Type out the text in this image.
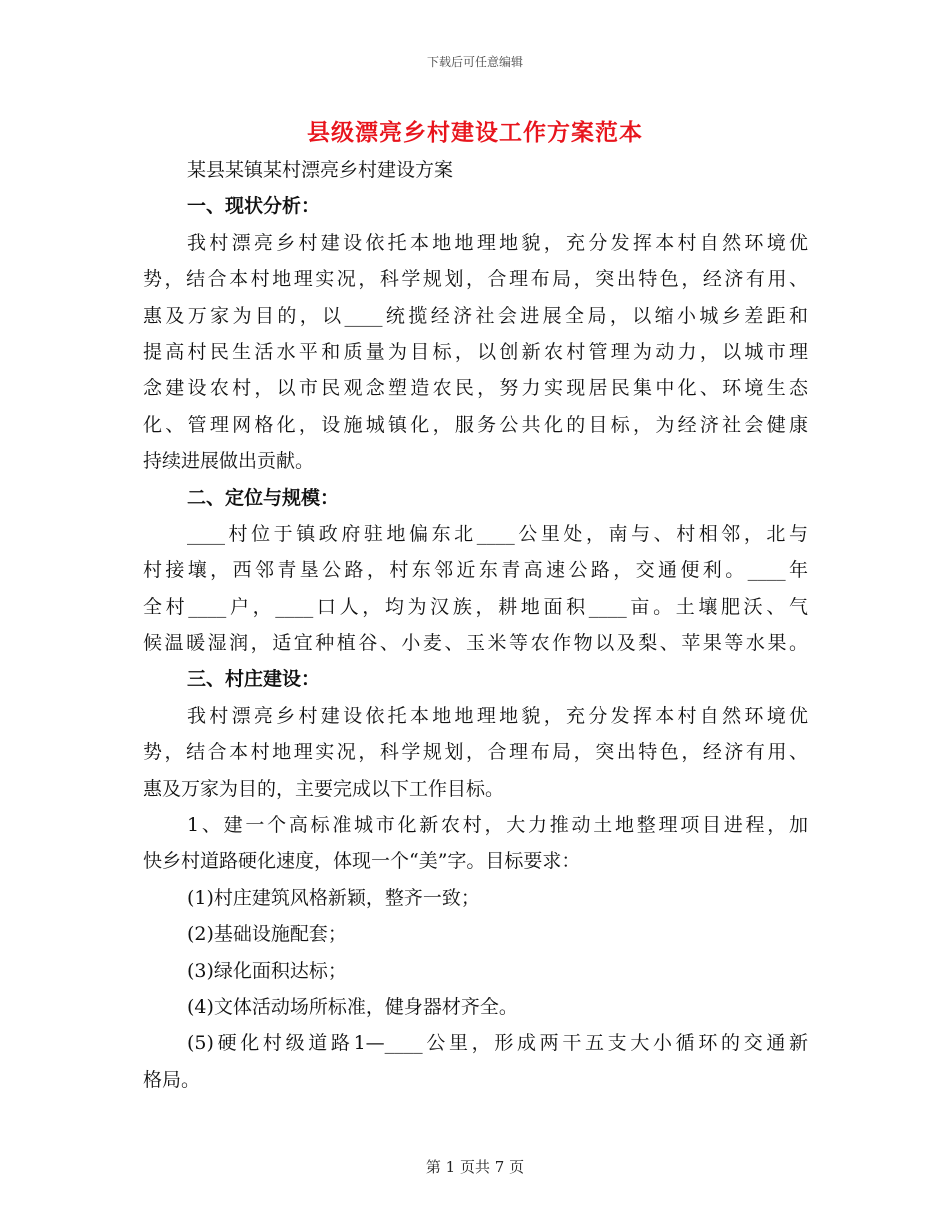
下载后可任意编辑
县级漂亮乡村建设工作方案范本
某县某镇某村漂亮乡村建设方案
一、现状分析：
我村漂亮乡村建设依托本地地理地貌，充分发挥本村自然环境优
势，结合本村地理实况，科学规划，合理布局，突出特色，经济有用、
惠及万家为目的，以____统揽经济社会进展全局，以缩小城乡差距和
提高村民生活水平和质量为目标，以创新农村管理为动力，以城市理
念建设农村，以市民观念塑造农民，努力实现居民集中化、环境生态
化、管理网格化，设施城镇化，服务公共化的目标，为经济社会健康
持续进展做出贡献。
二、定位与规模：
____村位于镇政府驻地偏东北____公里处，南与、村相邻，北与
村接壤，西邻青垦公路，村东邻近东青高速公路，交通便利。____年
全村____户，____口人，均为汉族，耕地面积____亩。土壤肥沃、气
候温暖湿润，适宜种植谷、小麦、玉米等农作物以及梨、苹果等水果。
三、村庄建设：
我村漂亮乡村建设依托本地地理地貌，充分发挥本村自然环境优
势，结合本村地理实况，科学规划，合理布局，突出特色，经济有用、
惠及万家为目的，主要完成以下工作目标。
1、建一个高标准城市化新农村，大力推动土地整理项目进程，加
快乡村道路硬化速度，体现一个“美”字。目标要求：
(1)村庄建筑风格新颖，整齐一致；
(2)基础设施配套；
(3)绿化面积达标；
(4)文体活动场所标准，健身器材齐全。
(5)硬化村级道路1—____公里，形成两干五支大小循环的交通新
格局。
第 1 页共 7 页
